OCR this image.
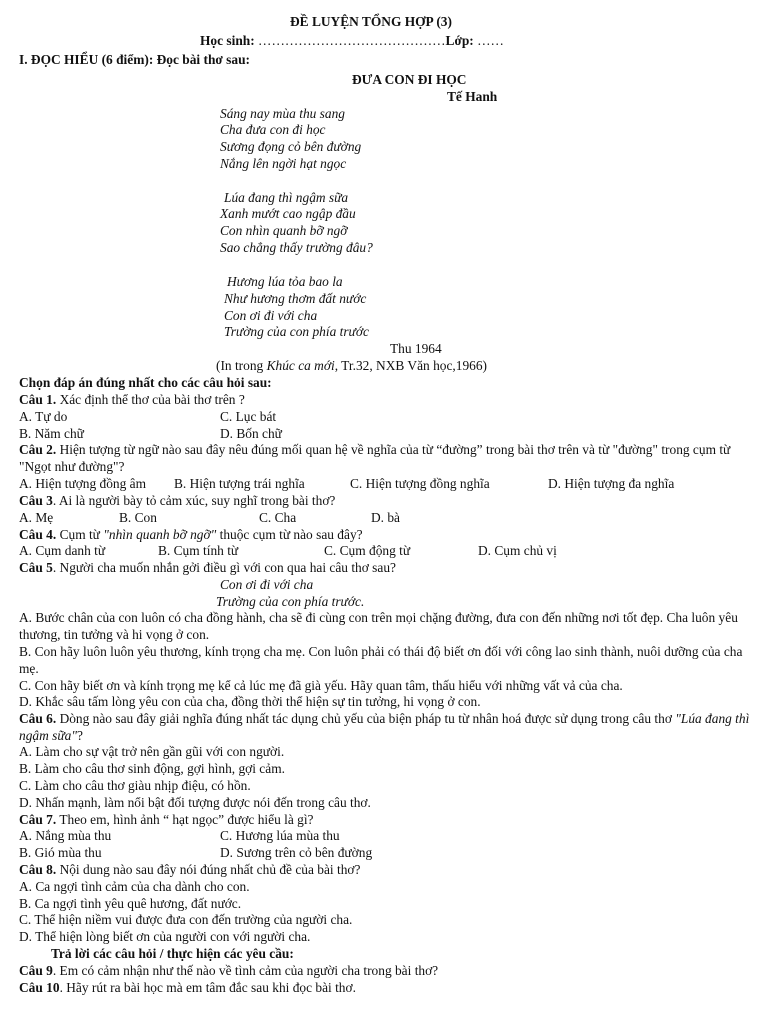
ĐỀ LUYỆN TỔNG HỢP (3)
Học sinh: ……………………………………Lớp: ……
I. ĐỌC HIỂU (6 điểm): Đọc bài thơ sau:
ĐƯA CON ĐI HỌC
Tế Hanh
Sáng nay mùa thu sang
Cha đưa con đi học
Sương đọng cỏ bên đường
Nắng lên ngời hạt ngọc
Lúa đang thì ngậm sữa
Xanh mướt cao ngập đầu
Con nhìn quanh bỡ ngỡ
Sao chẳng thấy trường đâu?
Hương lúa tỏa bao la
Như hương thơm đất nước
Con ơi đi với cha
Trường của con phía trước
Thu 1964
(In trong Khúc ca mới, Tr.32, NXB Văn học,1966)
Chọn đáp án đúng nhất cho các câu hỏi sau:
Câu 1. Xác định thể thơ của bài thơ trên ?
A. Tự do	C. Lục bát
B. Năm chữ	D. Bốn chữ
Câu 2. Hiện tượng từ ngữ nào sau đây nêu đúng mối quan hệ về nghĩa của từ “đường” trong bài thơ trên và từ "đường" trong cụm từ "Ngọt như đường"?
A. Hiện tượng đồng âm B. Hiện tượng trái nghĩa	C. Hiện tượng đồng nghĩa	D. Hiện tượng đa nghĩa
Câu 3. Ai là người bày tỏ cảm xúc, suy nghĩ trong bài thơ?
A. Mẹ	B. Con	C. Cha	D. bà
Câu 4. Cụm từ "nhìn quanh bỡ ngỡ" thuộc cụm từ nào sau đây?
A. Cụm danh từ	B. Cụm tính từ	C. Cụm động từ	D. Cụm chủ vị
Câu 5. Người cha muốn nhắn gởi điều gì với con qua hai câu thơ sau?
Con ơi đi với cha
Trường của con phía trước.
A. Bước chân của con luôn có cha đồng hành, cha sẽ đi cùng con trên mọi chặng đường, đưa con đến những nơi tốt đẹp. Cha luôn yêu thương, tin tưởng và hi vọng ở con.
B. Con hãy luôn luôn yêu thương, kính trọng cha mẹ. Con luôn phải có thái độ biết ơn đối với công lao sinh thành, nuôi dưỡng của cha mẹ.
C. Con hãy biết ơn và kính trọng mẹ kể cả lúc mẹ đã già yếu. Hãy quan tâm, thấu hiểu với những vất vả của cha.
D. Khắc sâu tấm lòng yêu con của cha, đồng thời thể hiện sự tin tưởng, hi vọng ở con.
Câu 6. Dòng nào sau đây giải nghĩa đúng nhất tác dụng chủ yếu của biện pháp tu từ nhân hoá được sử dụng trong câu thơ "Lúa đang thì ngậm sữa"?
A. Làm cho sự vật trở nên gần gũi với con người.
B. Làm cho câu thơ sinh động, gợi hình, gợi cảm.
C. Làm cho câu thơ giàu nhịp điệu, có hồn.
D. Nhấn mạnh, làm nổi bật đối tượng được nói đến trong câu thơ.
Câu 7. Theo em, hình ảnh “ hạt ngọc” được hiểu là gì?
A. Nắng mùa thu	C. Hương lúa mùa thu
B. Gió mùa thu	D. Sương trên cỏ bên đường
Câu 8. Nội dung nào sau đây nói đúng nhất chủ đề của bài thơ?
A. Ca ngợi tình cảm của cha dành cho con.
B. Ca ngợi tình yêu quê hương, đất nước.
C. Thể hiện niềm vui được đưa con đến trường của người cha.
D. Thể hiện lòng biết ơn của người con với người cha.
Trả lời các câu hỏi / thực hiện các yêu cầu:
Câu 9. Em có cảm nhận như thế nào về tình cảm của người cha trong bài thơ?
Câu 10. Hãy rút ra bài học mà em tâm đắc sau khi đọc bài thơ.
